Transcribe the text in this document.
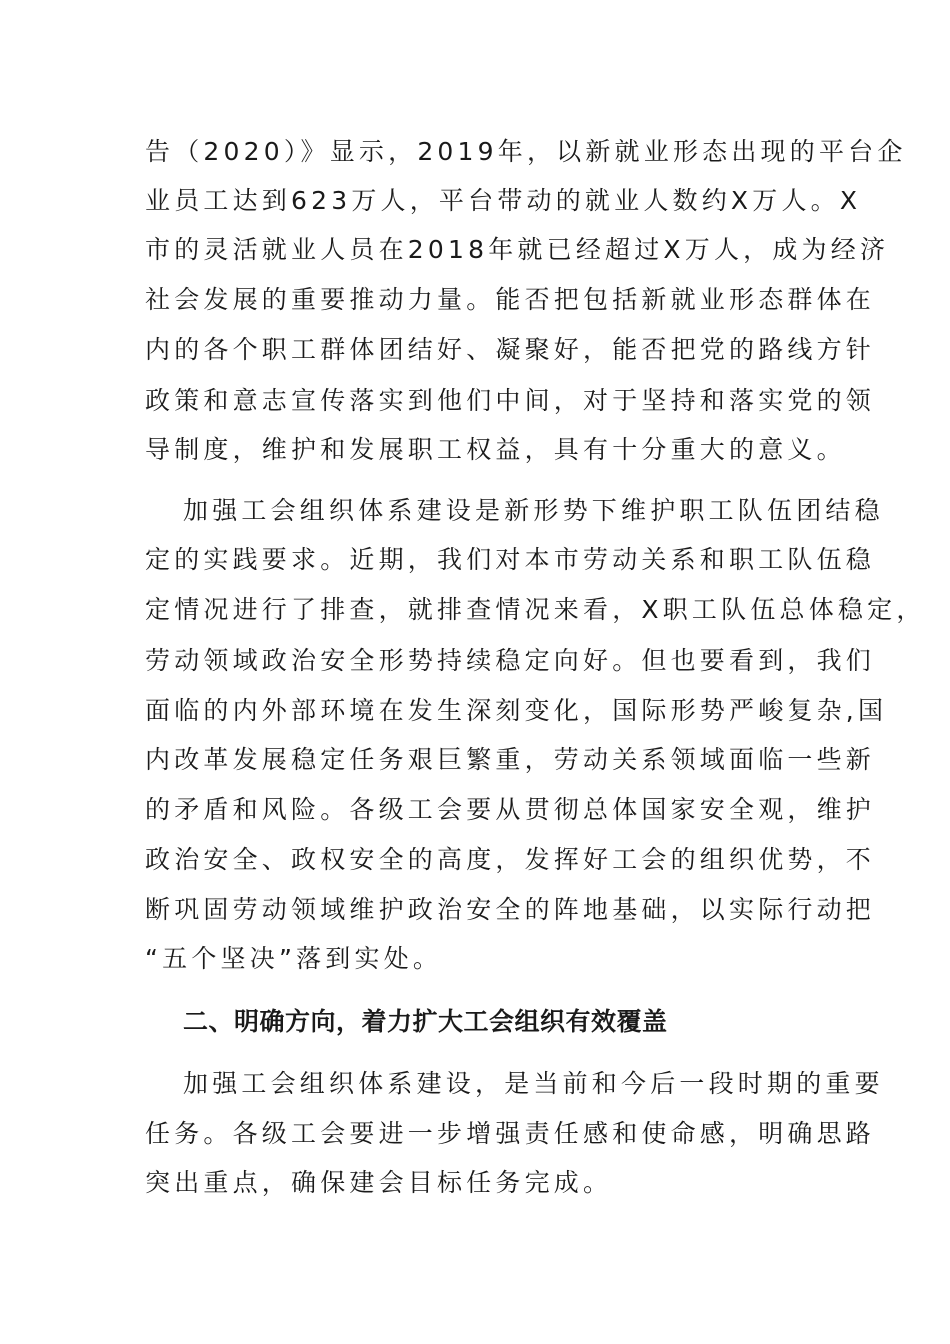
告（2020）》显示，2019年，以新就业形态出现的平台企
业员工达到623万人，平台带动的就业人数约X万人。X
市的灵活就业人员在2018年就已经超过X万人，成为经济
社会发展的重要推动力量。能否把包括新就业形态群体在
内的各个职工群体团结好、凝聚好，能否把党的路线方针
政策和意志宣传落实到他们中间，对于坚持和落实党的领
导制度，维护和发展职工权益，具有十分重大的意义。
加强工会组织体系建设是新形势下维护职工队伍团结稳
定的实践要求。近期，我们对本市劳动关系和职工队伍稳
定情况进行了排查，就排查情况来看，X职工队伍总体稳定，
劳动领域政治安全形势持续稳定向好。但也要看到，我们
面临的内外部环境在发生深刻变化，国际形势严峻复杂,国
内改革发展稳定任务艰巨繁重，劳动关系领域面临一些新
的矛盾和风险。各级工会要从贯彻总体国家安全观，维护
政治安全、政权安全的高度，发挥好工会的组织优势，不
断巩固劳动领域维护政治安全的阵地基础，以实际行动把
“五个坚决”落到实处。
二、明确方向，着力扩大工会组织有效覆盖
加强工会组织体系建设，是当前和今后一段时期的重要
任务。各级工会要进一步增强责任感和使命感，明确思路
突出重点，确保建会目标任务完成。
